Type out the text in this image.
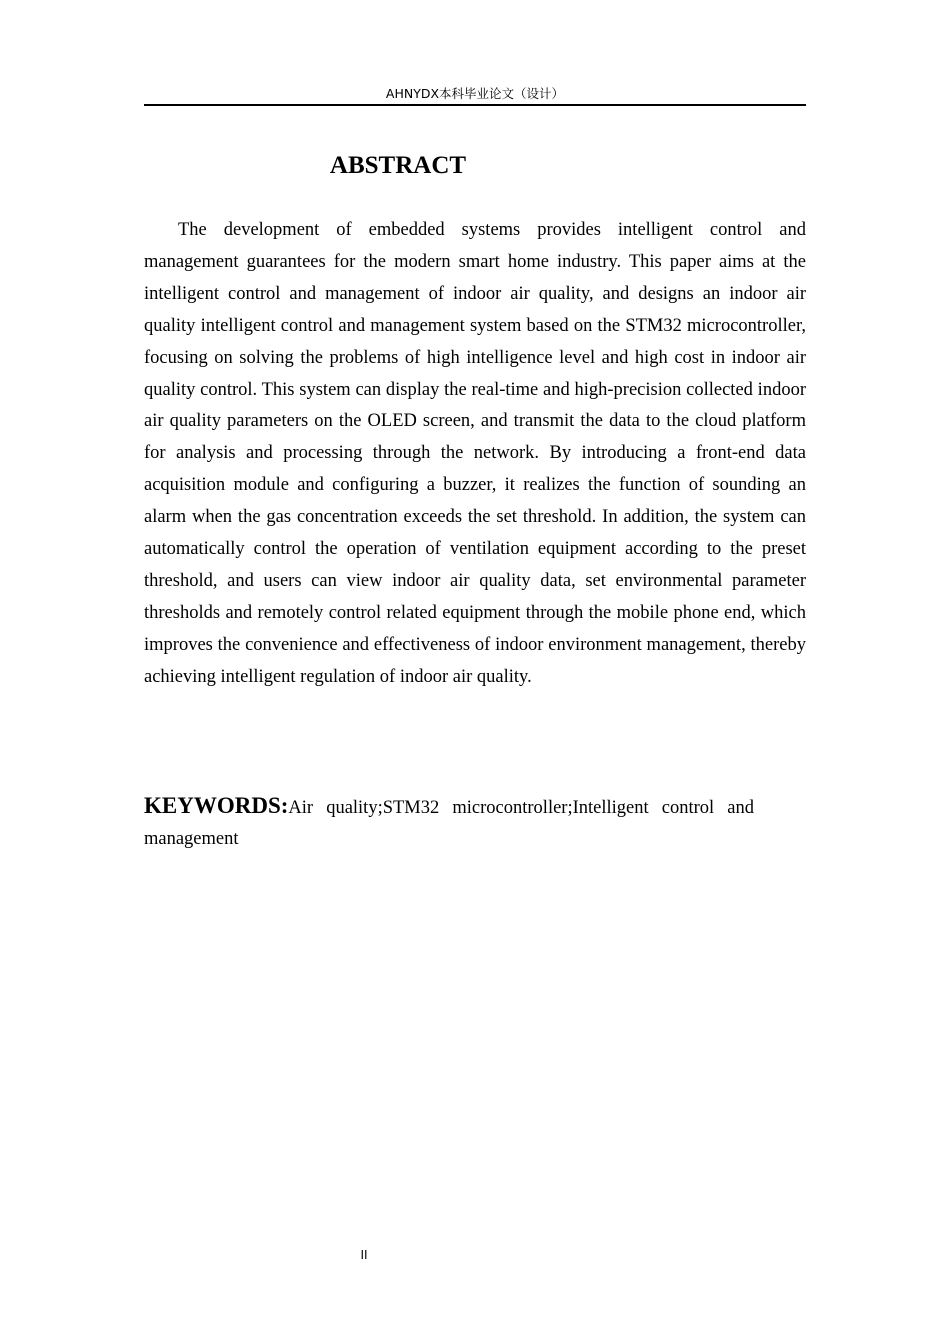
AHNYDX本科毕业论文（设计）
ABSTRACT

The development of embedded systems provides intelligent control and management guarantees for the modern smart home industry. This paper aims at the intelligent control and management of indoor air quality, and designs an indoor air quality intelligent control and management system based on the STM32 microcontroller, focusing on solving the problems of high intelligence level and high cost in indoor air quality control. This system can display the real-time and high-precision collected indoor air quality parameters on the OLED screen, and transmit the data to the cloud platform for analysis and processing through the network. By introducing a front-end data acquisition module and configuring a buzzer, it realizes the function of sounding an alarm when the gas concentration exceeds the set threshold. In addition, the system can automatically control the operation of ventilation equipment according to the preset threshold, and users can view indoor air quality data, set environmental parameter thresholds and remotely control related equipment through the mobile phone end, which improves the convenience and effectiveness of indoor environment management, thereby achieving intelligent regulation of indoor air quality.

KEYWORDS:Air quality;STM32 microcontroller;Intelligent control and management

II
